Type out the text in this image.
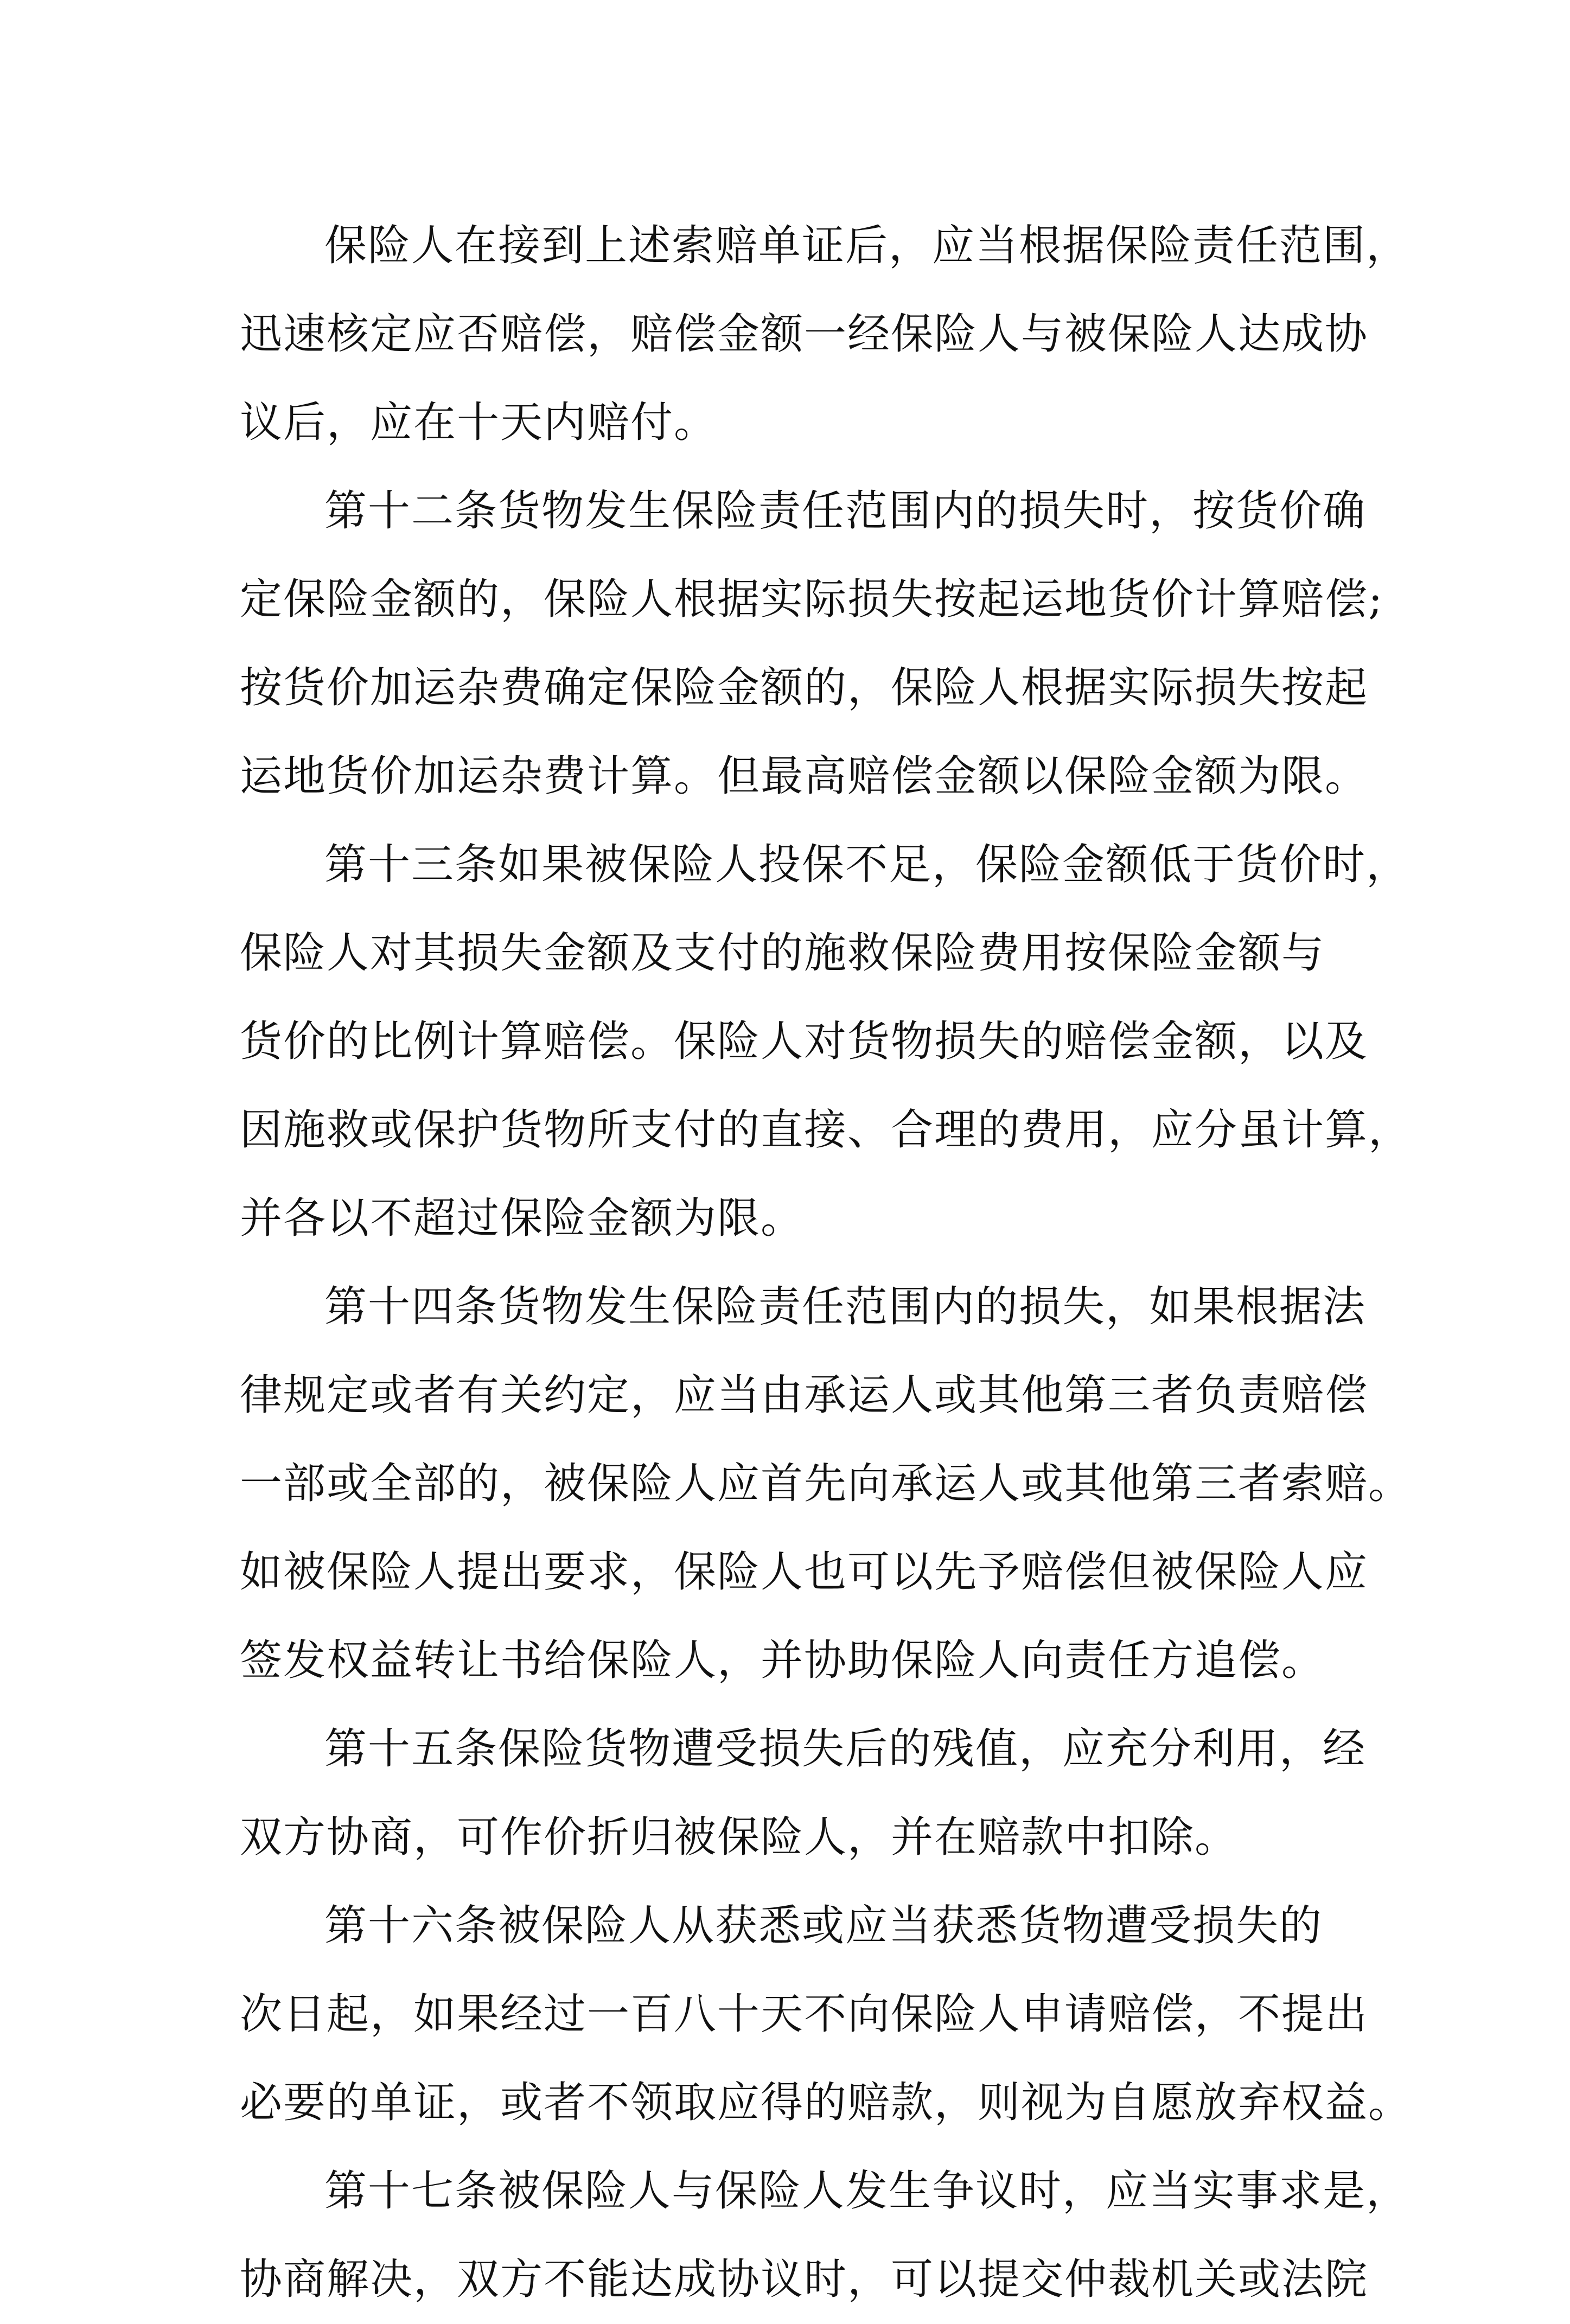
保险人在接到上述索赔单证后，应当根据保险责任范围，
迅速核定应否赔偿，赔偿金额一经保险人与被保险人达成协
议后，应在十天内赔付。
第十二条货物发生保险责任范围内的损失时，按货价确
定保险金额的，保险人根据实际损失按起运地货价计算赔偿;
按货价加运杂费确定保险金额的，保险人根据实际损失按起
运地货价加运杂费计算。但最高赔偿金额以保险金额为限。
第十三条如果被保险人投保不足，保险金额低于货价时，
保险人对其损失金额及支付的施救保险费用按保险金额与
货价的比例计算赔偿。保险人对货物损失的赔偿金额，以及
因施救或保护货物所支付的直接、合理的费用，应分虽计算，
并各以不超过保险金额为限。
第十四条货物发生保险责任范围内的损失，如果根据法
律规定或者有关约定，应当由承运人或其他第三者负责赔偿
一部或全部的，被保险人应首先向承运人或其他第三者索赔。
如被保险人提出要求，保险人也可以先予赔偿但被保险人应
签发权益转让书给保险人，并协助保险人向责任方追偿。
第十五条保险货物遭受损失后的残值，应充分利用，经
双方协商，可作价折归被保险人，并在赔款中扣除。
第十六条被保险人从获悉或应当获悉货物遭受损失的
次日起，如果经过一百八十天不向保险人申请赔偿，不提出
必要的单证，或者不领取应得的赔款，则视为自愿放弃权益。
第十七条被保险人与保险人发生争议时，应当实事求是，
协商解决，双方不能达成协议时，可以提交仲裁机关或法院
